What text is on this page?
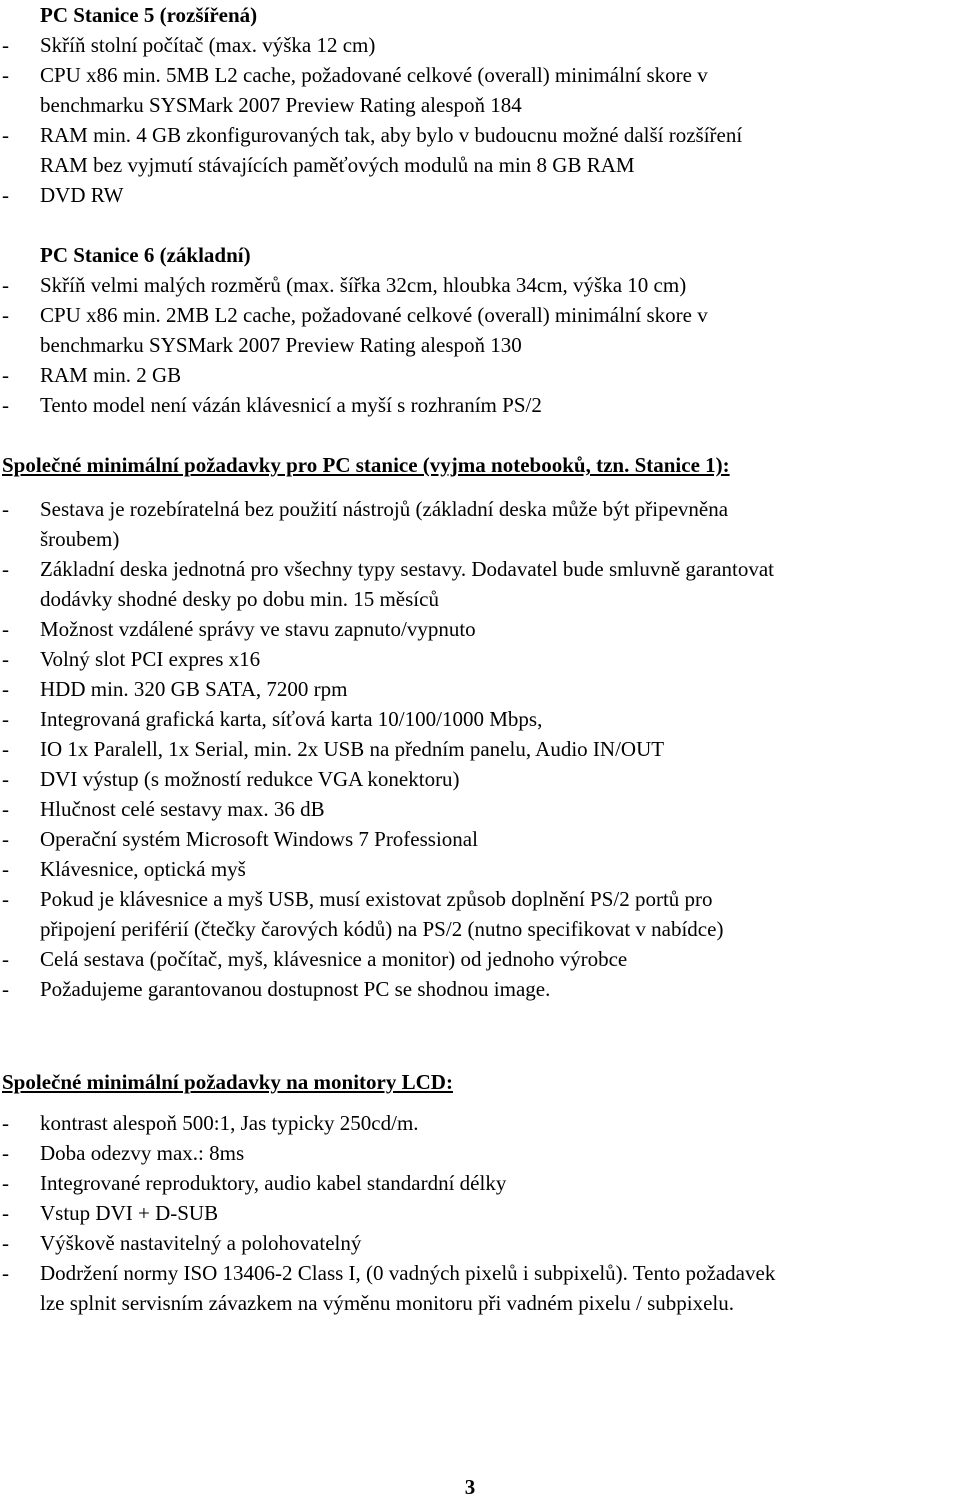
PC Stanice 5 (rozšířená)
- Skříň stolní počítač (max. výška 12 cm)
- CPU x86 min. 5MB L2 cache, požadované celkové (overall) minimální skore v
benchmarku SYSMark 2007 Preview Rating alespoň 184
- RAM min. 4 GB zkonfigurovaných tak, aby bylo v budoucnu možné další rozšíření
RAM bez vyjmutí stávajících paměťových modulů na min 8 GB RAM
- DVD RW
PC Stanice 6 (základní)
- Skříň velmi malých rozměrů (max. šířka 32cm, hloubka 34cm, výška 10 cm)
- CPU x86 min. 2MB L2 cache, požadované celkové (overall) minimální skore v
benchmarku SYSMark 2007 Preview Rating alespoň 130
- RAM min. 2 GB
- Tento model není vázán klávesnicí a myší s rozhraním PS/2
Společné minimální požadavky pro PC stanice (vyjma notebooků, tzn. Stanice 1):
- Sestava je rozebíratelná bez použití nástrojů (základní deska může být připevněna
šroubem)
- Základní deska jednotná pro všechny typy sestavy. Dodavatel bude smluvně garantovat
dodávky shodné desky po dobu min. 15 měsíců
- Možnost vzdálené správy ve stavu zapnuto/vypnuto
- Volný slot PCI expres x16
- HDD min. 320 GB SATA, 7200 rpm
- Integrovaná grafická karta, síťová karta 10/100/1000 Mbps,
- IO 1x Paralell, 1x Serial, min. 2x USB na předním panelu, Audio IN/OUT
- DVI výstup (s možností redukce VGA konektoru)
- Hlučnost celé sestavy max. 36 dB
- Operační systém Microsoft Windows 7 Professional
- Klávesnice, optická myš
- Pokud je klávesnice a myš USB, musí existovat způsob doplnění PS/2 portů pro
připojení periférií (čtečky čarových kódů) na PS/2 (nutno specifikovat v nabídce)
- Celá sestava (počítač, myš, klávesnice a monitor) od jednoho výrobce
- Požadujeme garantovanou dostupnost PC se shodnou image.
Společné minimální požadavky na monitory LCD:
- kontrast alespoň 500:1, Jas typicky 250cd/m.
- Doba odezvy max.: 8ms
- Integrované reproduktory, audio kabel standardní délky
- Vstup DVI + D-SUB
- Výškově nastavitelný a polohovatelný
- Dodržení normy ISO 13406-2 Class I, (0 vadných pixelů i subpixelů). Tento požadavek
lze splnit servisním závazkem na výměnu monitoru při vadném pixelu / subpixelu.
3
